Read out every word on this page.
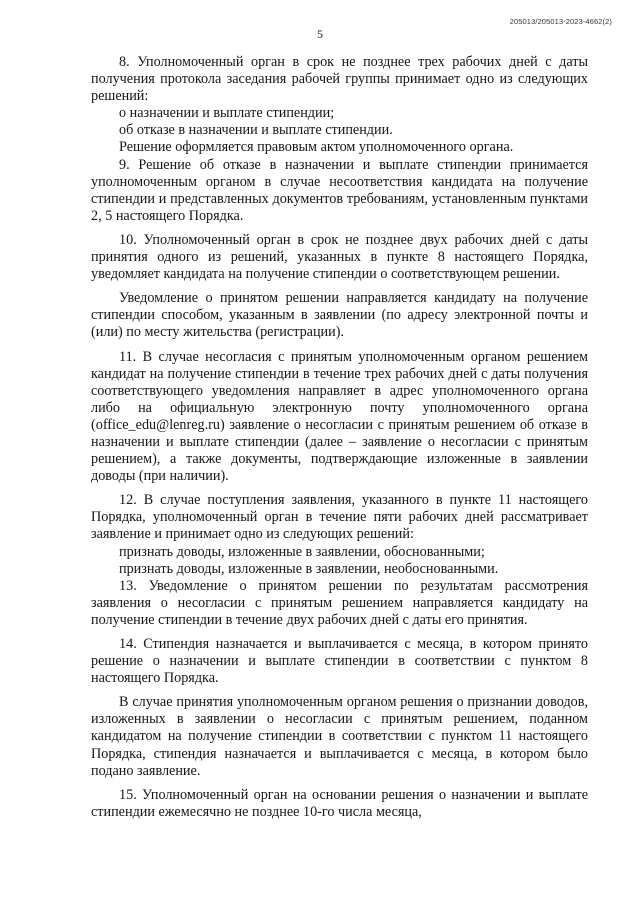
205013/205013-2023-4662(2)
5

8. Уполномоченный орган в срок не позднее трех рабочих дней с даты получения протокола заседания рабочей группы принимает одно из следующих решений:

о назначении и выплате стипендии;

об отказе в назначении и выплате стипендии.

Решение оформляется правовым актом уполномоченного органа.

9. Решение об отказе в назначении и выплате стипендии принимается уполномоченным органом в случае несоответствия кандидата на получение стипендии и представленных документов требованиям, установленным пунктами 2, 5 настоящего Порядка.

10. Уполномоченный орган в срок не позднее двух рабочих дней с даты принятия одного из решений, указанных в пункте 8 настоящего Порядка, уведомляет кандидата на получение стипендии о соответствующем решении.

Уведомление о принятом решении направляется кандидату на получение стипендии способом, указанным в заявлении (по адресу электронной почты и (или) по месту жительства (регистрации).

11. В случае несогласия с принятым уполномоченным органом решением кандидат на получение стипендии в течение трех рабочих дней с даты получения соответствующего уведомления направляет в адрес уполномоченного органа либо на официальную электронную почту уполномоченного органа (office_edu@lenreg.ru) заявление о несогласии с принятым решением об отказе в назначении и выплате стипендии (далее – заявление о несогласии с принятым решением), а также документы, подтверждающие изложенные в заявлении доводы (при наличии).

12. В случае поступления заявления, указанного в пункте 11 настоящего Порядка, уполномоченный орган в течение пяти рабочих дней рассматривает заявление и принимает одно из следующих решений:

признать доводы, изложенные в заявлении, обоснованными;

признать доводы, изложенные в заявлении, необоснованными.

13. Уведомление о принятом решении по результатам рассмотрения заявления о несогласии с принятым решением направляется кандидату на получение стипендии в течение двух рабочих дней с даты его принятия.

14. Стипендия назначается и выплачивается с месяца, в котором принято решение о назначении и выплате стипендии в соответствии с пунктом 8 настоящего Порядка.

В случае принятия уполномоченным органом решения о признании доводов, изложенных в заявлении о несогласии с принятым решением, поданном кандидатом на получение стипендии в соответствии с пунктом 11 настоящего Порядка, стипендия назначается и выплачивается с месяца, в котором было подано заявление.

15. Уполномоченный орган на основании решения о назначении и выплате стипендии ежемесячно не позднее 10-го числа месяца,
